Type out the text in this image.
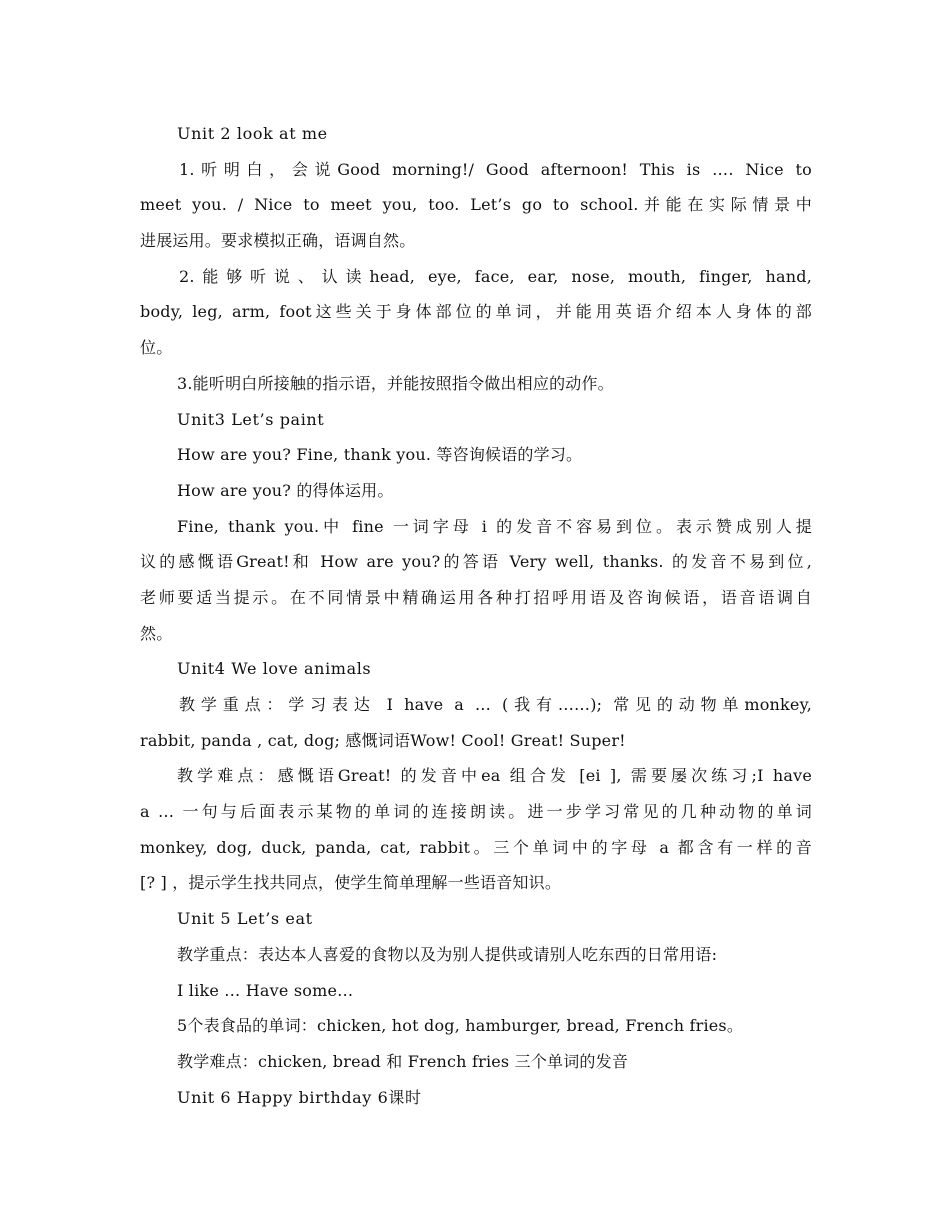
Unit 2 look at me
1.听明白，会说Good morning!/ Good afternoon! This is …. Nice to
meet you. / Nice to meet you, too. Let’s go to school.并能在实际情景中
进展运用。要求模拟正确，语调自然。
2.能够听说、认读head, eye, face, ear, nose, mouth, finger, hand,
body, leg, arm, foot这些关于身体部位的单词，并能用英语介绍本人身体的部
位。
3.能听明白所接触的指示语，并能按照指令做出相应的动作。
Unit3 Let’s paint
How are you? Fine, thank you. 等咨询候语的学习。
How are you? 的得体运用。
Fine, thank you.中 fine 一词字母 i 的发音不容易到位。表示赞成别人提
议的感慨语Great!和 How are you?的答语 Very well, thanks. 的发音不易到位,
老师要适当提示。在不同情景中精确运用各种打招呼用语及咨询候语，语音语调自
然。
Unit4 We love animals
教学重点：学习表达 I have a … (我有……); 常见的动物单monkey,
rabbit, panda , cat, dog; 感慨词语Wow! Cool! Great! Super!
教学难点：感慨语Great! 的发音中ea 组合发 [ei ], 需要屡次练习;I have
a … 一句与后面表示某物的单词的连接朗读。进一步学习常见的几种动物的单词
monkey, dog, duck, panda, cat, rabbit。三个单词中的字母 a 都含有一样的音
[? ] ，提示学生找共同点，使学生简单理解一些语音知识。
Unit 5 Let’s eat
教学重点：表达本人喜爱的食物以及为别人提供或请别人吃东西的日常用语:
I like … Have some…
5个表食品的单词：chicken, hot dog, hamburger, bread, French fries。
教学难点：chicken, bread 和 French fries 三个单词的发音
Unit 6 Happy birthday 6课时
